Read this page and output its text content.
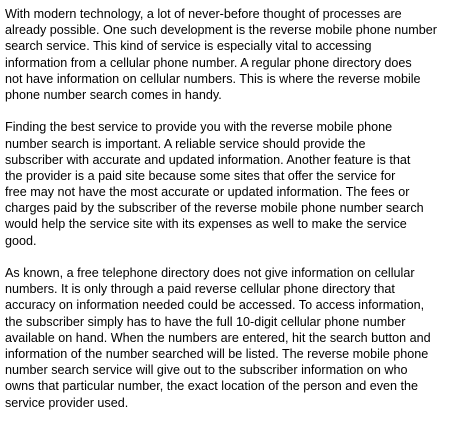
With modern technology, a lot of never-before thought of processes are
already possible. One such development is the reverse mobile phone number
search service. This kind of service is especially vital to accessing
information from a cellular phone number. A regular phone directory does
not have information on cellular numbers. This is where the reverse mobile
phone number search comes in handy.
Finding the best service to provide you with the reverse mobile phone
number search is important. A reliable service should provide the
subscriber with accurate and updated information. Another feature is that
the provider is a paid site because some sites that offer the service for
free may not have the most accurate or updated information. The fees or
charges paid by the subscriber of the reverse mobile phone number search
would help the service site with its expenses as well to make the service
good.
As known, a free telephone directory does not give information on cellular
numbers. It is only through a paid reverse cellular phone directory that
accuracy on information needed could be accessed. To access information,
the subscriber simply has to have the full 10-digit cellular phone number
available on hand. When the numbers are entered, hit the search button and
information of the number searched will be listed. The reverse mobile phone
number search service will give out to the subscriber information on who
owns that particular number, the exact location of the person and even the
service provider used.
